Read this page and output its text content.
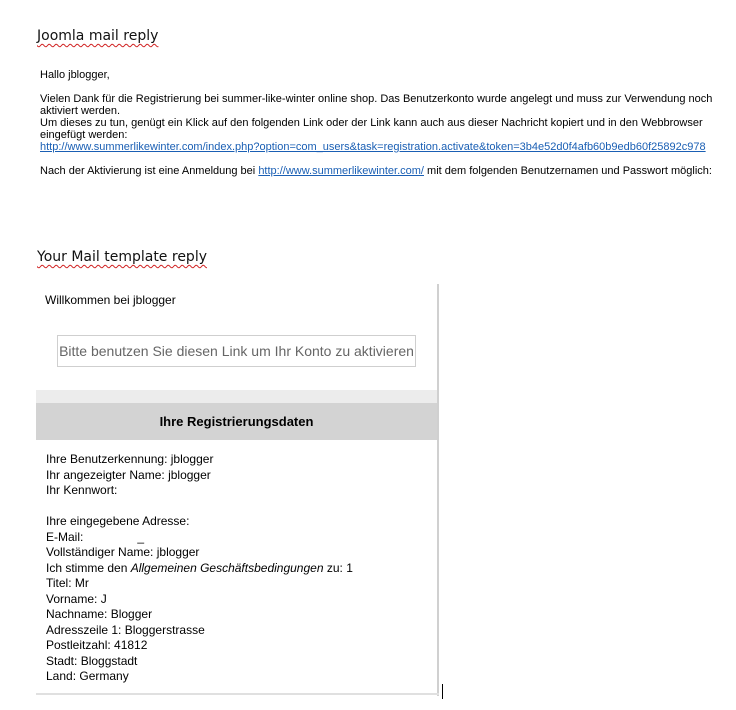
Joomla mail reply

Hallo jblogger,

Vielen Dank für die Registrierung bei summer-like-winter online shop. Das Benutzerkonto wurde angelegt und muss zur Verwendung noch

aktiviert werden.

Um dieses zu tun, genügt ein Klick auf den folgenden Link oder der Link kann auch aus dieser Nachricht kopiert und in den Webbrowser

eingefügt werden:

http://www.summerlikewinter.com/index.php?option=com_users&task=registration.activate&token=3b4e52d0f4afb60b9edb60f25892c978

Nach der Aktivierung ist eine Anmeldung bei http://www.summerlikewinter.com/ mit dem folgenden Benutzernamen und Passwort möglich:

Your Mail template reply
Willkommen bei jblogger
Bitte benutzen Sie diesen Link um Ihr Konto zu aktivieren
Ihre Registrierungsdaten
Ihre Benutzerkennung: jblogger
Ihr angezeigter Name: jblogger
Ihr Kennwort:
Ihre eingegebene Adresse:
E-Mail:	_
Vollständiger Name: jblogger
Ich stimme den Allgemeinen Geschäftsbedingungen zu: 1
Titel: Mr
Vorname: J
Nachname: Blogger
Adresszeile 1: Bloggerstrasse
Postleitzahl: 41812
Stadt: Bloggstadt
Land: Germany
